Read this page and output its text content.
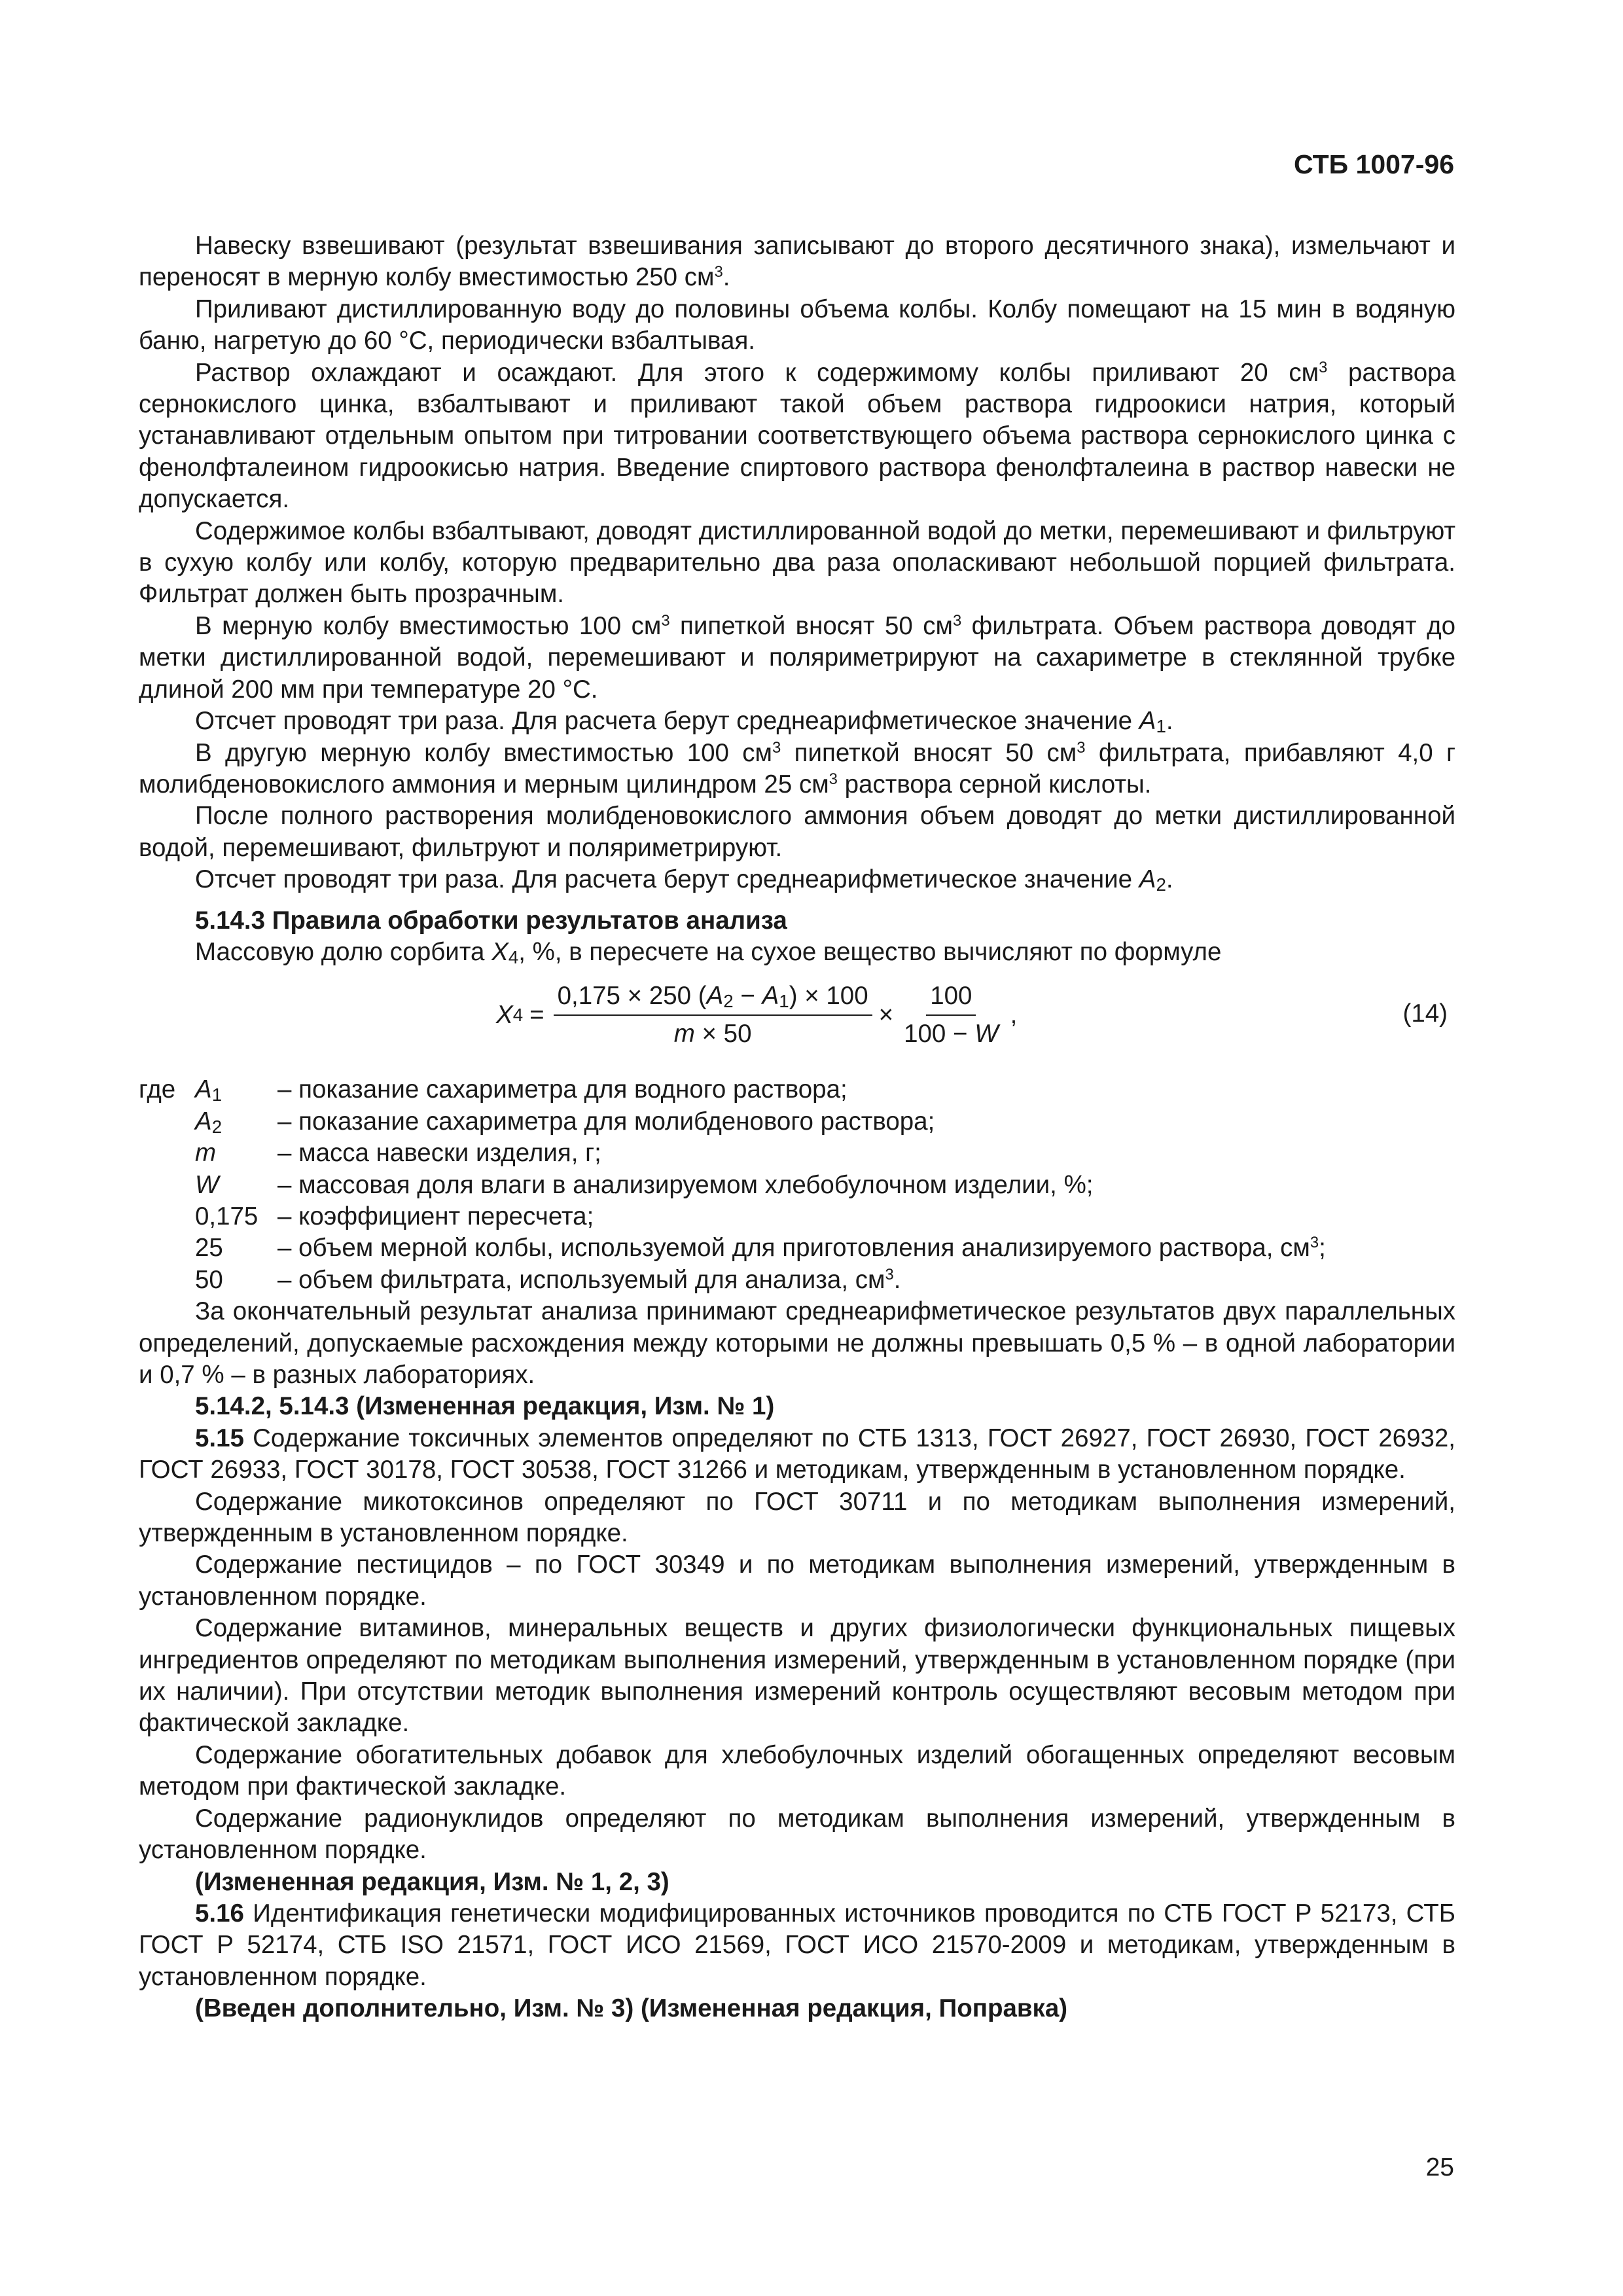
СТБ 1007-96

Навеску взвешивают (результат взвешивания записывают до второго десятичного знака), измельчают и переносят в мерную колбу вместимостью 250 $см^3$.

Приливают дистиллированную воду до половины объема колбы. Колбу помещают на 15 мин в водяную баню, нагретую до 60 °С, периодически взбалтывая.

Раствор охлаждают и осаждают. Для этого к содержимому колбы приливают 20 $см^3$ раствора сернокислого цинка, взбалтывают и приливают такой объем раствора гидроокиси натрия, который устанавливают отдельным опытом при титровании соответствующего объема раствора сернокислого цинка с фенолфталеином гидроокисью натрия. Введение спиртового раствора фенолфталеина в раствор навески не допускается.

Содержимое колбы взбалтывают, доводят дистиллированной водой до метки, перемешивают и фильтруют в сухую колбу или колбу, которую предварительно два раза ополаскивают небольшой порцией фильтрата. Фильтрат должен быть прозрачным.

В мерную колбу вместимостью 100 $см^3$ пипеткой вносят 50 $см^3$ фильтрата. Объем раствора доводят до метки дистиллированной водой, перемешивают и поляриметрируют на сахариметре в стеклянной трубке длиной 200 мм при температуре 20 °С.

Отсчет проводят три раза. Для расчета берут среднеарифметическое значение A1.

В другую мерную колбу вместимостью 100 $см^3$ пипеткой вносят 50 $см^3$ фильтрата, прибавляют 4,0 г молибденовокислого аммония и мерным цилиндром 25 $см^3$ раствора серной кислоты.

После полного растворения молибденовокислого аммония объем доводят до метки дистиллированной водой, перемешивают, фильтруют и поляриметрируют.

Отсчет проводят три раза. Для расчета берут среднеарифметическое значение A2.

5.14.3 Правила обработки результатов анализа

Массовую долю сорбита X4, %, в пересчете на сухое вещество вычисляют по формуле

X $4 = \frac{0,175 \times 250 (A2 - A1) \times 100}{m \times 50} \times \frac{100}{100 - W}$ ,	(14)
где A1	– показание сахариметра для водного раствора;
A2	– показание сахариметра для молибденового раствора;
m	– масса навески изделия, г;
W	– массовая доля влаги в анализируемом хлебобулочном изделии, %;
0,175 – коэффициент пересчета;
25	– объем мерной колбы, используемой для приготовления анализируемого раствора, $см^3$;
50	– объем фильтрата, используемый для анализа, $см^3$.

За окончательный результат анализа принимают среднеарифметическое результатов двух параллельных определений, допускаемые расхождения между которыми не должны превышать 0,5 % – в одной лаборатории и 0,7 % – в разных лабораториях.

5.14.2, 5.14.3 (Измененная редакция, Изм. № 1)

5.15 Содержание токсичных элементов определяют по СТБ 1313, ГОСТ 26927, ГОСТ 26930, ГОСТ 26932, ГОСТ 26933, ГОСТ 30178, ГОСТ 30538, ГОСТ 31266 и методикам, утвержденным в установленном порядке.

Содержание микотоксинов определяют по ГОСТ 30711 и по методикам выполнения измерений, утвержденным в установленном порядке.

Содержание пестицидов – по ГОСТ 30349 и по методикам выполнения измерений, утвержденным в установленном порядке.

Содержание витаминов, минеральных веществ и других физиологически функциональных пищевых ингредиентов определяют по методикам выполнения измерений, утвержденным в установленном порядке (при их наличии). При отсутствии методик выполнения измерений контроль осуществляют весовым методом при фактической закладке.

Содержание обогатительных добавок для хлебобулочных изделий обогащенных определяют весовым методом при фактической закладке.

Содержание радионуклидов определяют по методикам выполнения измерений, утвержденным в установленном порядке.

(Измененная редакция, Изм. № 1, 2, 3)

5.16 Идентификация генетически модифицированных источников проводится по СТБ ГОСТ Р 52173, СТБ ГОСТ Р 52174, СТБ ISO 21571, ГОСТ ИСО 21569, ГОСТ ИСО 21570-2009 и методикам, утвержденным в установленном порядке.

(Введен дополнительно, Изм. № 3) (Измененная редакция, Поправка)

25
